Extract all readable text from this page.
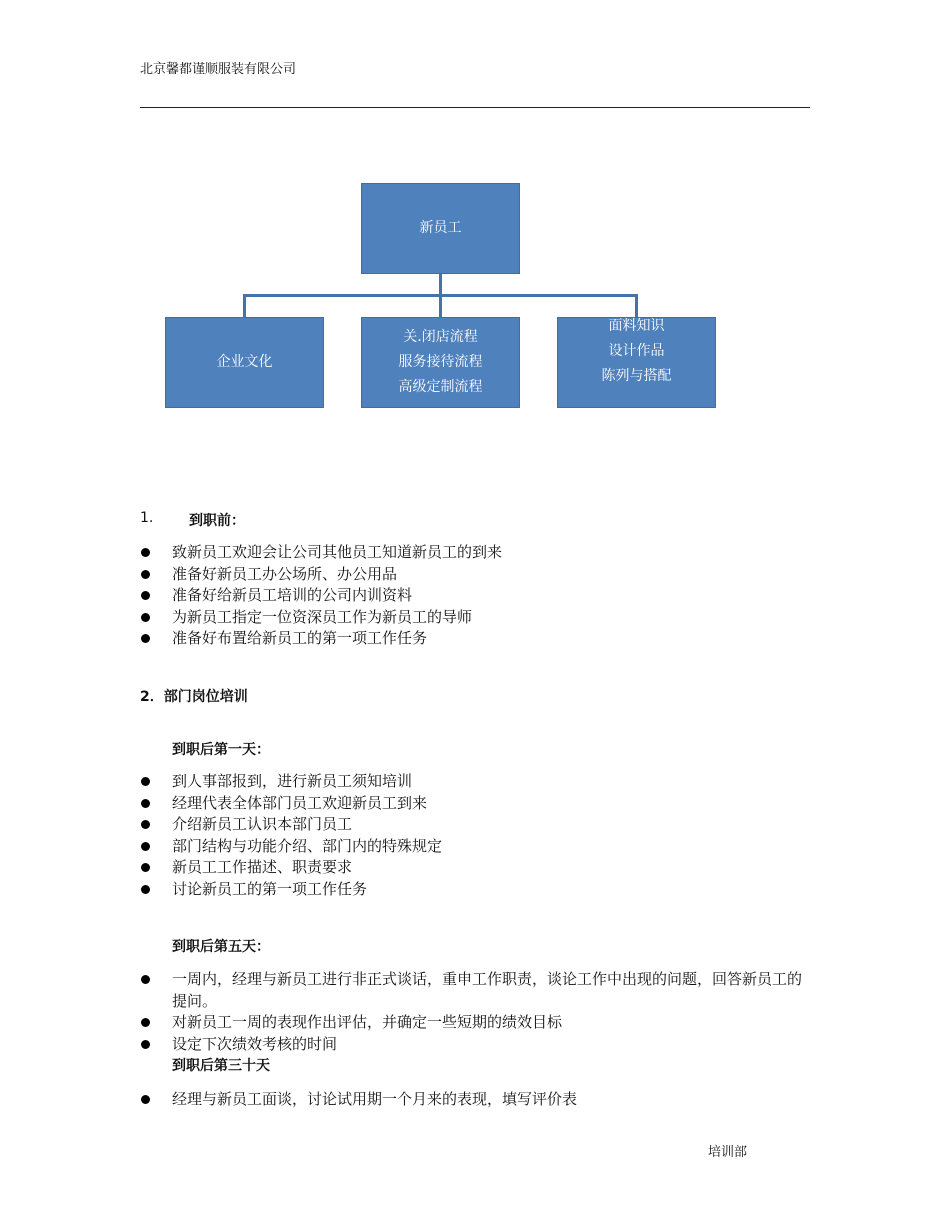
北京馨都谨顺服装有限公司
新员工
企业文化
关.闭店流程
服务接待流程
高级定制流程
面料知识
设计作品
陈列与搭配
1.	到职前：
致新员工欢迎会让公司其他员工知道新员工的到来
准备好新员工办公场所、办公用品
准备好给新员工培训的公司内训资料
为新员工指定一位资深员工作为新员工的导师
准备好布置给新员工的第一项工作任务
2．部门岗位培训
到职后第一天：
到人事部报到，进行新员工须知培训
经理代表全体部门员工欢迎新员工到来
介绍新员工认识本部门员工
部门结构与功能介绍、部门内的特殊规定
新员工工作描述、职责要求
讨论新员工的第一项工作任务
到职后第五天：
一周内，经理与新员工进行非正式谈话，重申工作职责，谈论工作中出现的问题，回答新员工的提问。
对新员工一周的表现作出评估，并确定一些短期的绩效目标
设定下次绩效考核的时间
到职后第三十天
经理与新员工面谈，讨论试用期一个月来的表现，填写评价表
培训部
